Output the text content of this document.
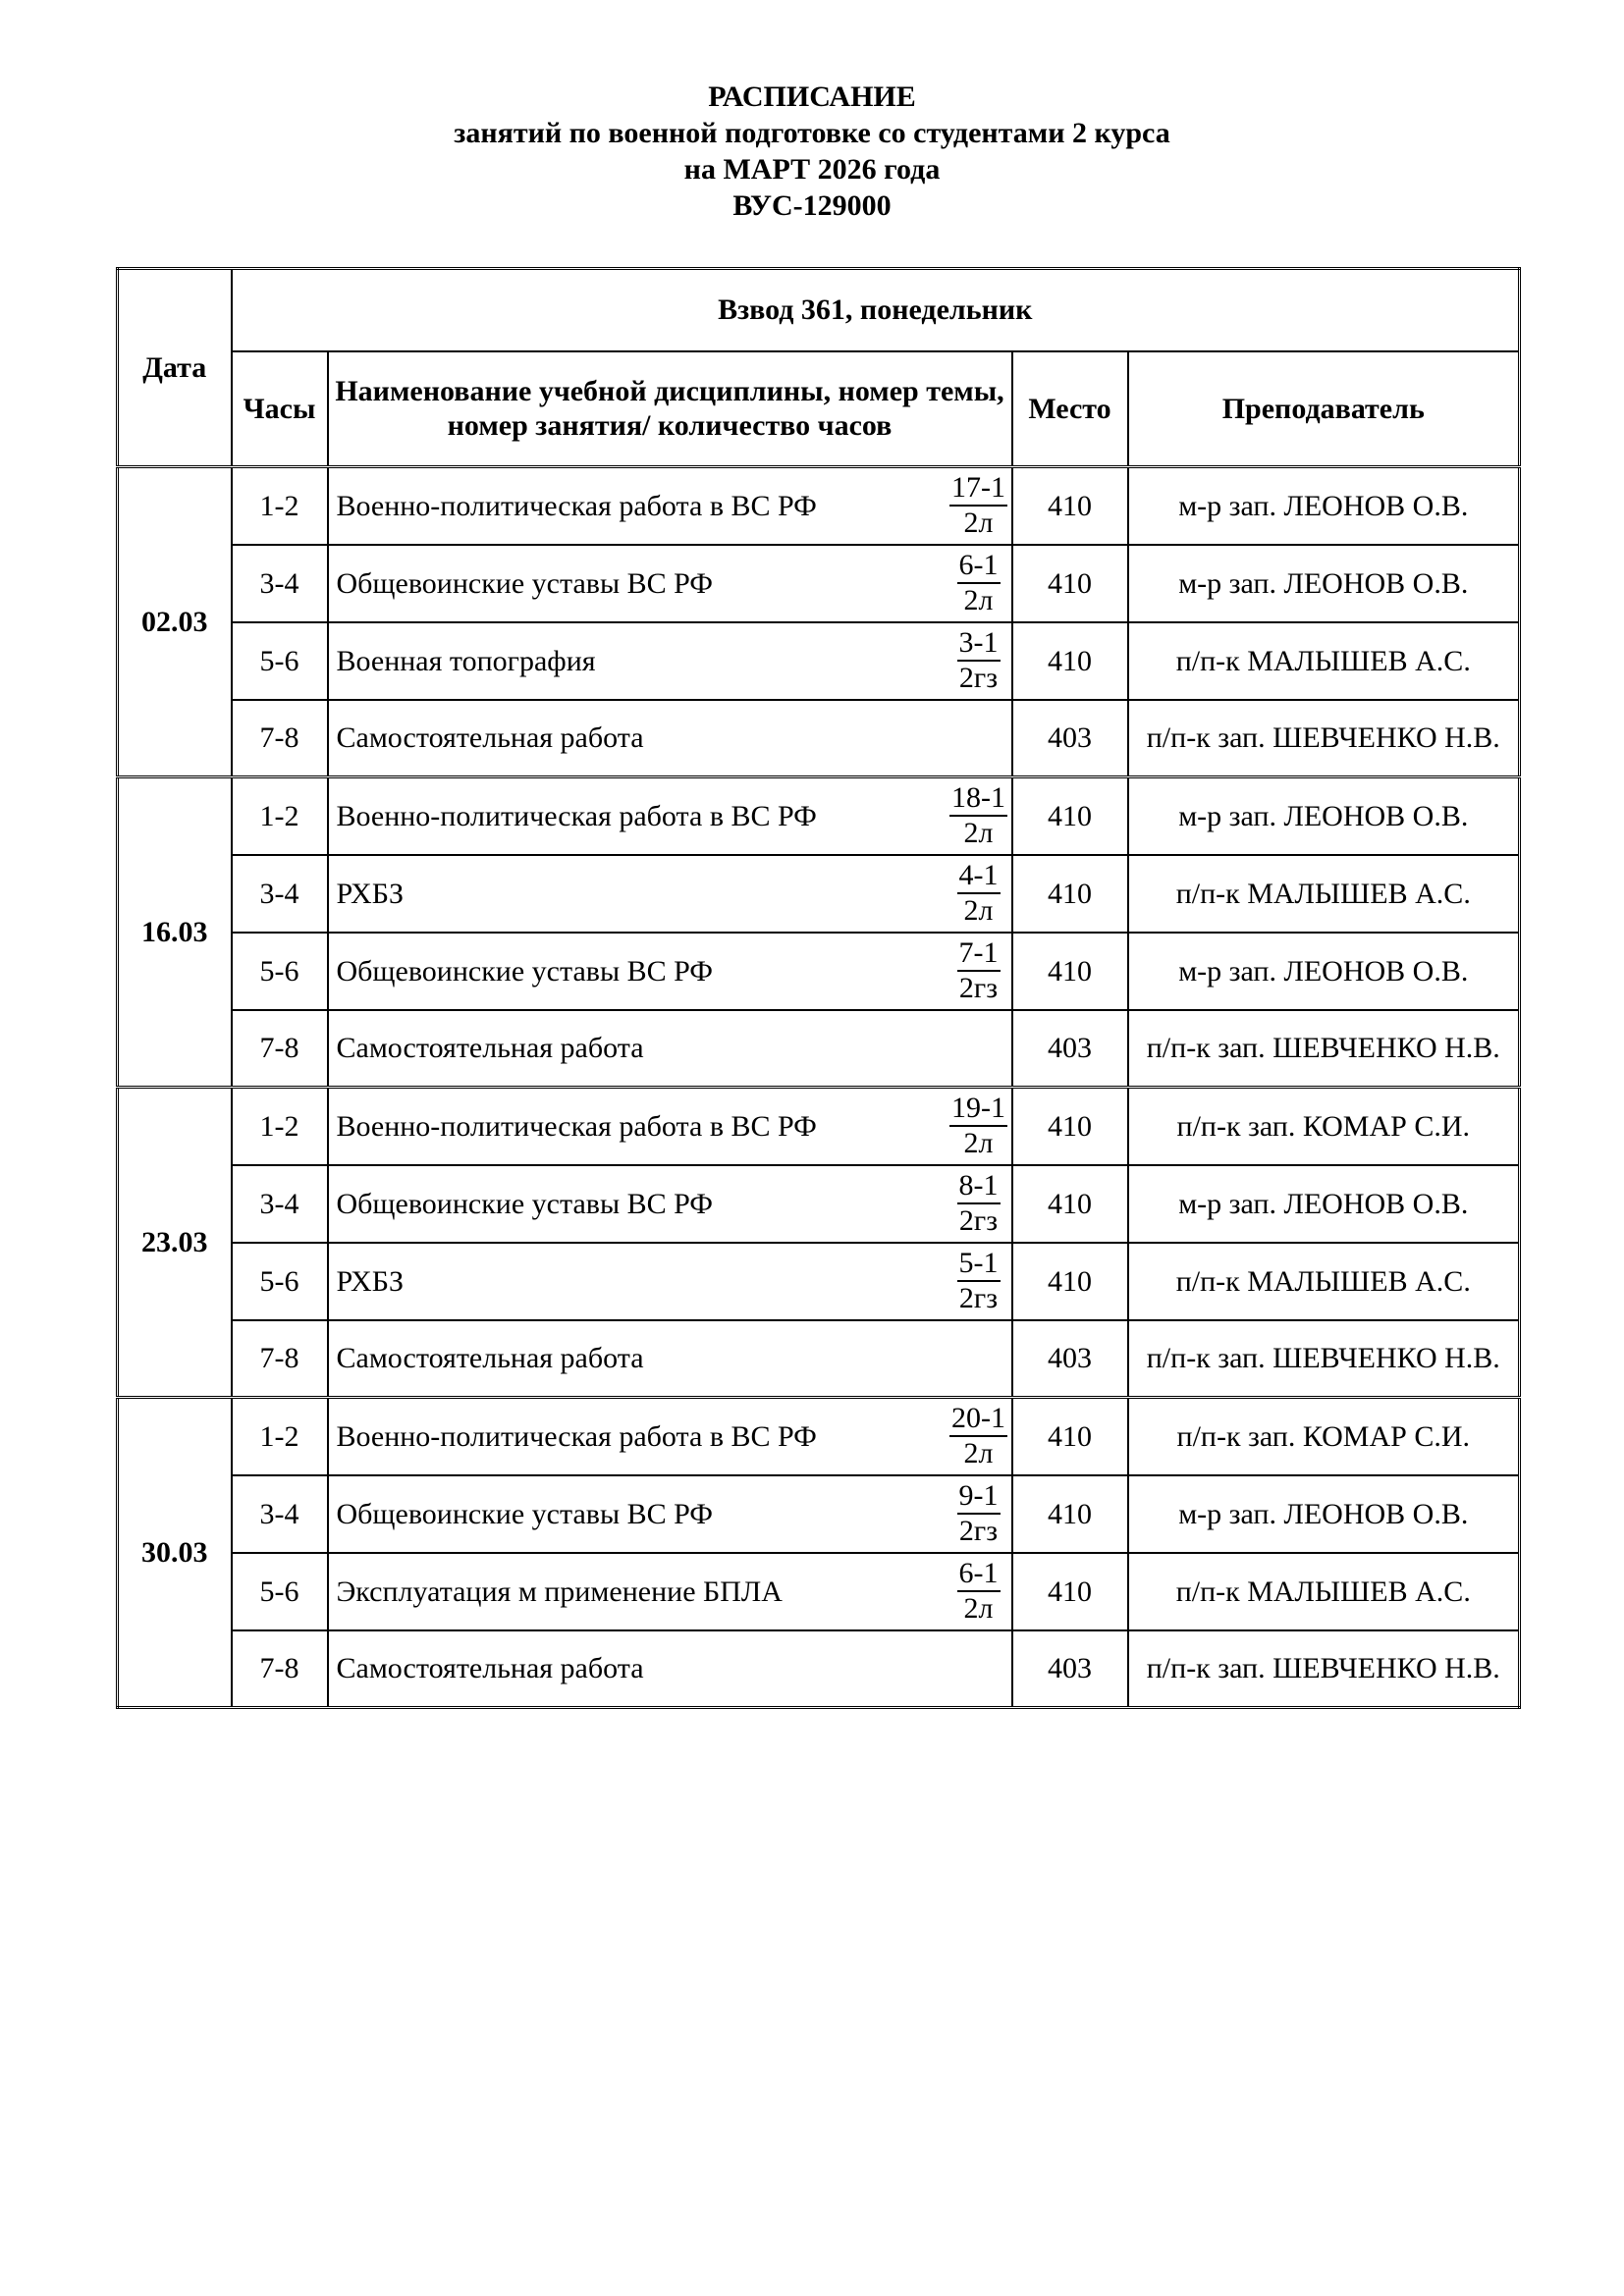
РАСПИСАНИЕ
занятий по военной подготовке со студентами 2 курса
на МАРТ 2026 года
ВУС-129000
Дата	Взвод 361, понедельник			
	Часы	Наименование учебной дисциплины, номер темы, номер занятия/ количество часов	Место	Преподаватель
02.03	1-2	Военно-политическая работа в ВС РФ $\frac{17-1}{2л}$	410	м-р зап. ЛЕОНОВ О.В.
	3-4	Общевоинские уставы ВС РФ $\frac{6-1}{2л}$	410	м-р зап. ЛЕОНОВ О.В.
	5-6	Военная топография $\frac{3-1}{2гз}$	410	п/п-к МАЛЫШЕВ А.С.
	7-8	Самостоятельная работа	403	п/п-к зап. ШЕВЧЕНКО Н.В.
16.03	1-2	Военно-политическая работа в ВС РФ $\frac{18-1}{2л}$	410	м-р зап. ЛЕОНОВ О.В.
	3-4	РХБЗ $\frac{4-1}{2л}$	410	п/п-к МАЛЫШЕВ А.С.
	5-6	Общевоинские уставы ВС РФ $\frac{7-1}{2гз}$	410	м-р зап. ЛЕОНОВ О.В.
	7-8	Самостоятельная работа	403	п/п-к зап. ШЕВЧЕНКО Н.В.
23.03	1-2	Военно-политическая работа в ВС РФ $\frac{19-1}{2л}$	410	п/п-к зап. КОМАР С.И.
	3-4	Общевоинские уставы ВС РФ $\frac{8-1}{2гз}$	410	м-р зап. ЛЕОНОВ О.В.
	5-6	РХБЗ $\frac{5-1}{2гз}$	410	п/п-к МАЛЫШЕВ А.С.
	7-8	Самостоятельная работа	403	п/п-к зап. ШЕВЧЕНКО Н.В.
30.03	1-2	Военно-политическая работа в ВС РФ $\frac{20-1}{2л}$	410	п/п-к зап. КОМАР С.И.
	3-4	Общевоинские уставы ВС РФ $\frac{9-1}{2гз}$	410	м-р зап. ЛЕОНОВ О.В.
	5-6	Эксплуатация м применение БПЛА $\frac{6-1}{2л}$	410	п/п-к МАЛЫШЕВ А.С.
	7-8	Самостоятельная работа	403	п/п-к зап. ШЕВЧЕНКО Н.В.
